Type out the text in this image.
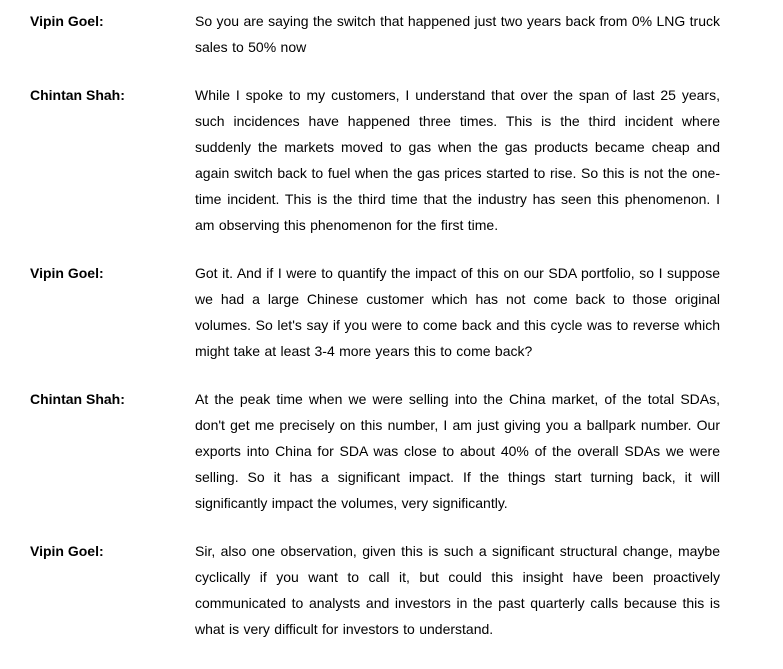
Vipin Goel:	So you are saying the switch that happened just two years back from 0% LNG truck sales to 50% now
Chintan Shah:	While I spoke to my customers, I understand that over the span of last 25 years, such incidences have happened three times. This is the third incident where suddenly the markets moved to gas when the gas products became cheap and again switch back to fuel when the gas prices started to rise. So this is not the one-time incident. This is the third time that the industry has seen this phenomenon. I am observing this phenomenon for the first time.
Vipin Goel:	Got it. And if I were to quantify the impact of this on our SDA portfolio, so I suppose we had a large Chinese customer which has not come back to those original volumes. So let's say if you were to come back and this cycle was to reverse which might take at least 3-4 more years this to come back?
Chintan Shah:	At the peak time when we were selling into the China market, of the total SDAs, don't get me precisely on this number, I am just giving you a ballpark number. Our exports into China for SDA was close to about 40% of the overall SDAs we were selling. So it has a significant impact. If the things start turning back, it will significantly impact the volumes, very significantly.
Vipin Goel:	Sir, also one observation, given this is such a significant structural change, maybe cyclically if you want to call it, but could this insight have been proactively communicated to analysts and investors in the past quarterly calls because this is what is very difficult for investors to understand.
